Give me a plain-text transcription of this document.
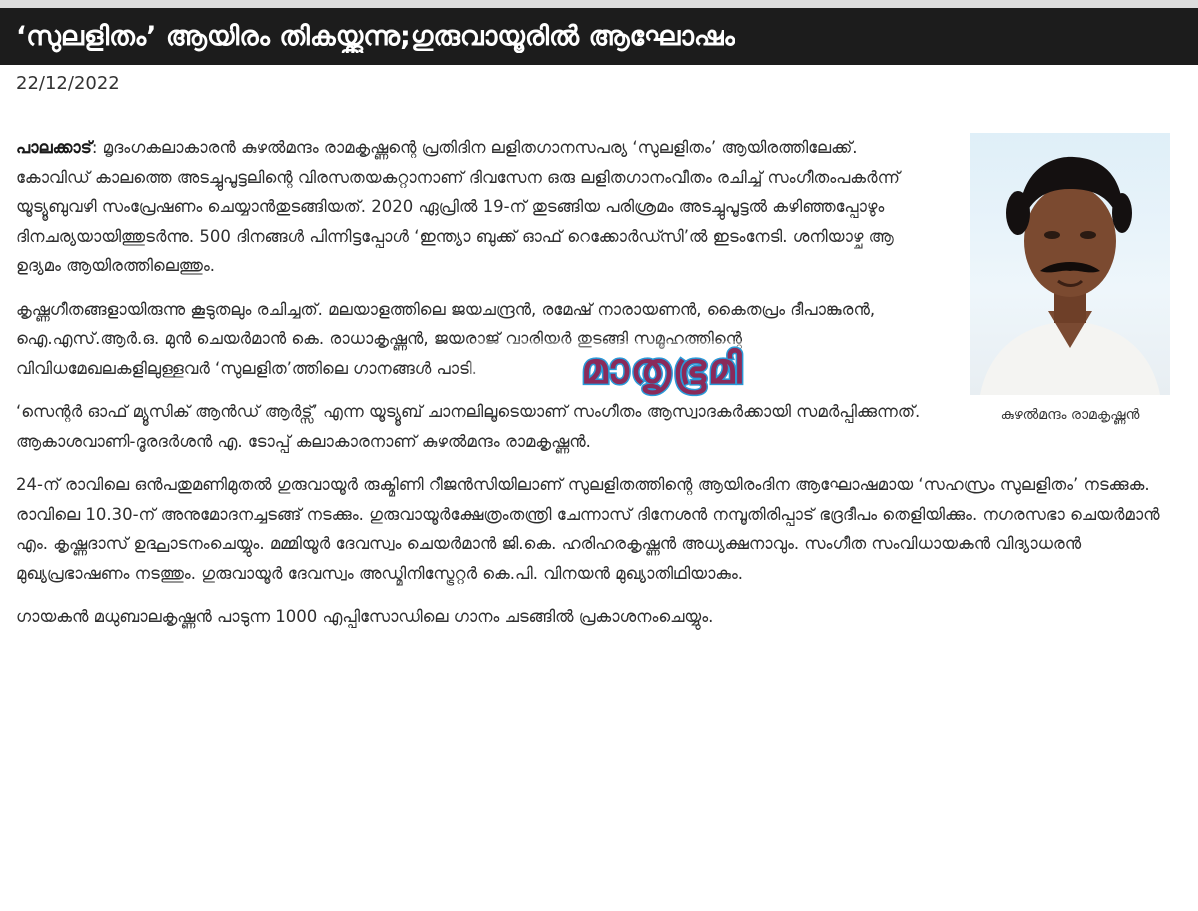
‘സുലളിതം’ ആയിരം തികയ്ക്കുന്നു;ഗുരുവായൂരിൽ ആഘോഷം
22/12/2022
കുഴൽമന്ദം രാമകൃഷ്ണൻ

പാലക്കാട്: മൃദംഗകലാകാരൻ കുഴൽമന്ദം രാമകൃഷ്ണന്റെ പ്രതിദിന ലളിതഗാനസപര്യ ‘സുലളിതം’ ആയിരത്തിലേക്ക്. കോവിഡ് കാലത്തെ അടച്ചുപൂട്ടലിന്റെ വിരസതയകറ്റാനാണ് ദിവസേന ഒരു ലളിതഗാനംവീതം രചിച്ച് സംഗീതംപകർന്ന് യൂട്യൂബുവഴി സംപ്രേഷണം ചെയ്യാൻതുടങ്ങിയത്. 2020 ഏപ്രിൽ 19-ന് തുടങ്ങിയ പരിശ്രമം അടച്ചുപൂട്ടൽ കഴിഞ്ഞപ്പോഴും ദിനചര്യയായിത്തുടർന്നു. 500 ദിനങ്ങൾ പിന്നിട്ടപ്പോൾ ‘ഇന്ത്യാ ബുക്ക് ഓഫ് റെക്കോർഡ്സി’ൽ ഇടംനേടി. ശനിയാഴ്ച ആ ഉദ്യമം ആയിരത്തിലെത്തും.

കൃഷ്ണഗീതങ്ങളായിരുന്നു കൂടുതലും രചിച്ചത്. മലയാളത്തിലെ ജയചന്ദ്രൻ, രമേഷ് നാരായണൻ, കൈതപ്രം ദീപാങ്കുരൻ, ഐ.എസ്.ആർ.ഒ. മുൻ ചെയർമാൻ കെ. രാധാകൃഷ്ണൻ, ജയരാജ് വാരിയർ തുടങ്ങി സമൂഹത്തിന്റെ വിവിധമേഖലകളിലുള്ളവർ ‘സുലളിത’ത്തിലെ ഗാനങ്ങൾ പാടി.

‘സെന്റർ ഓഫ് മ്യൂസിക് ആൻഡ് ആർട്സ്’ എന്ന യൂട്യൂബ് ചാനലിലൂടെയാണ് സംഗീതം ആസ്വാദകർക്കായി സമർപ്പിക്കുന്നത്. ആകാശവാണി-ദൂരദർശൻ എ. ടോപ്പ് കലാകാരനാണ് കുഴൽമന്ദം രാമകൃഷ്ണൻ.

24-ന് രാവിലെ ഒൻപതുമണിമുതൽ ഗുരുവായൂർ രുക്മിണി റീജൻസിയിലാണ് സുലളിതത്തിന്റെ ആയിരംദിന ആഘോഷമായ ‘സഹസ്രം സുലളിതം’ നടക്കുക. രാവിലെ 10.30-ന് അനുമോദനച്ചടങ്ങ് നടക്കും. ഗുരുവായൂർക്ഷേത്രംതന്ത്രി ചേന്നാസ് ദിനേശൻ നമ്പൂതിരിപ്പാട് ഭദ്രദീപം തെളിയിക്കും. നഗരസഭാ ചെയർമാൻ എം. കൃഷ്ണദാസ് ഉദ്ഘാടനംചെയ്യും. മമ്മിയൂർ ദേവസ്വം ചെയർമാൻ ജി.കെ. ഹരിഹരകൃഷ്ണൻ അധ്യക്ഷനാവും. സംഗീത സംവിധായകൻ വിദ്യാധരൻ മുഖ്യപ്രഭാഷണം നടത്തും. ഗുരുവായൂർ ദേവസ്വം അഡ്മിനിസ്ട്രേറ്റർ കെ.പി. വിനയൻ മുഖ്യാതിഥിയാകും.

ഗായകൻ മധുബാലകൃഷ്ണൻ പാടുന്ന 1000 എപ്പിസോഡിലെ ഗാനം ചടങ്ങിൽ പ്രകാശനംചെയ്യും.

മാതൃഭൂമി
